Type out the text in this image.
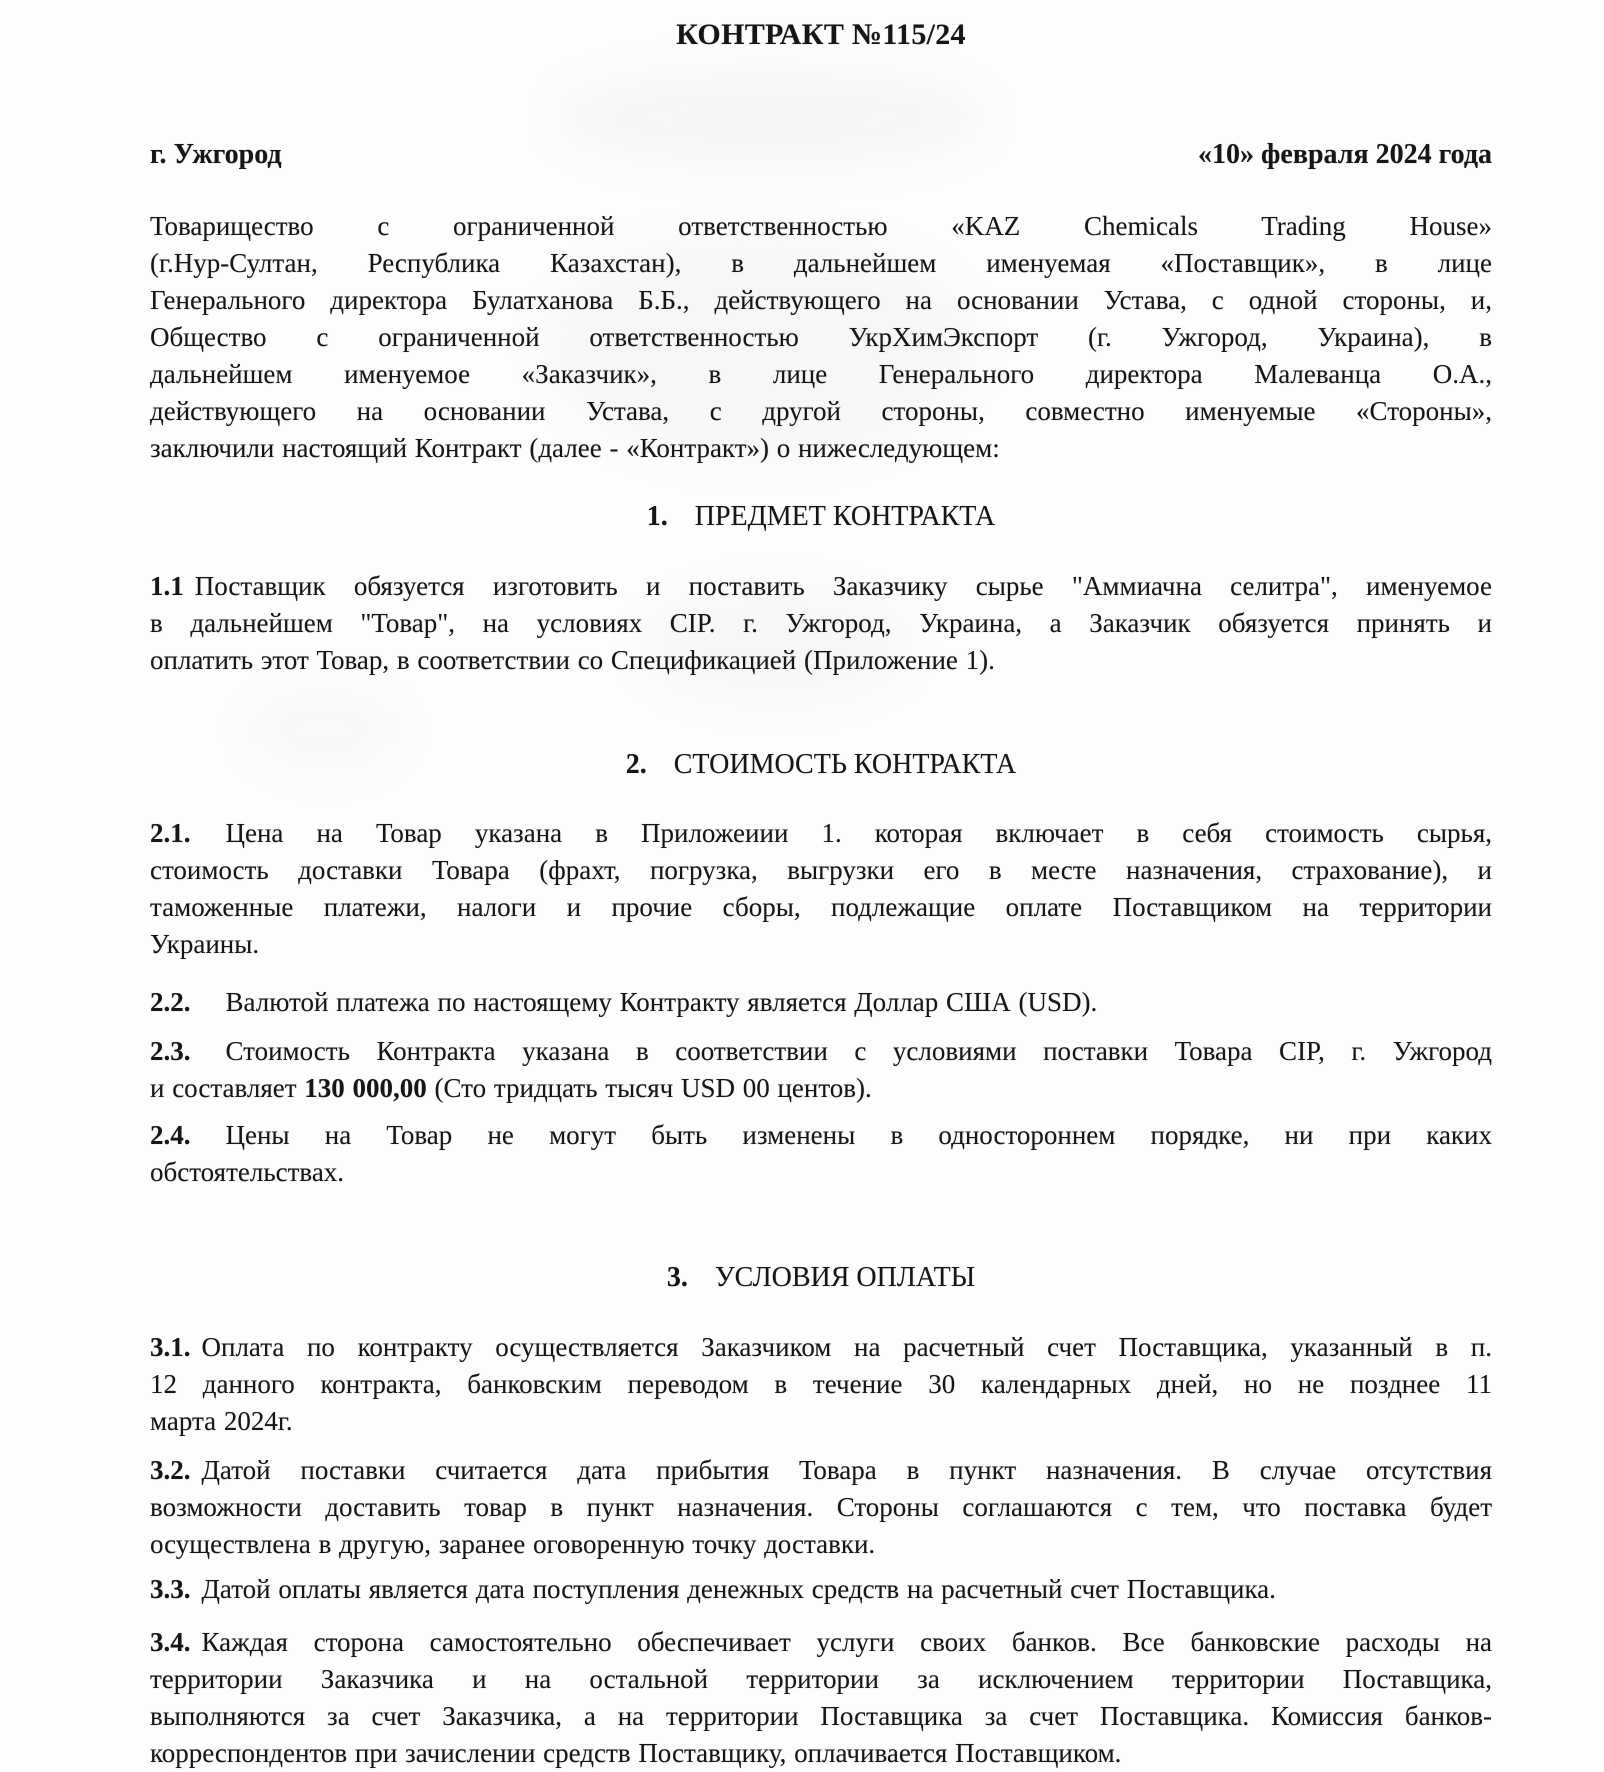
КОНТРАКТ №115/24
г. Ужгород	«10» февраля 2024 года
Товарищество с ограниченной ответственностью «KAZ Chemicals Trading House»
(г.Нур-Султан, Республика Казахстан), в дальнейшем именуемая «Поставщик», в лице
Генерального директора Булатханова Б.Б., действующего на основании Устава, с одной стороны, и,
Общество с ограниченной ответственностью УкрХимЭкспорт (г. Ужгород, Украина), в
дальнейшем именуемое «Заказчик», в лице Генерального директора Малеванца О.А.,
действующего на основании Устава, с другой стороны, совместно именуемые «Стороны»,
заключили настоящий Контракт (далее - «Контракт») о нижеследующем:
1. ПРЕДМЕТ КОНТРАКТА
1.1 Поставщик обязуется изготовить и поставить Заказчику сырье "Аммиачна селитра", именуемое
в дальнейшем "Товар", на условиях CIP. г. Ужгород, Украина, а Заказчик обязуется принять и
оплатить этот Товар, в соответствии со Спецификацией (Приложение 1).
2. СТОИМОСТЬ КОНТРАКТА
2.1. Цена на Товар указана в Приложеиии 1. которая включает в себя стоимость сырья,
стоимость доставки Товара (фрахт, погрузка, выгрузки его в месте назначения, страхование), и
таможенные платежи, налоги и прочие сборы, подлежащие оплате Поставщиком на территории
Украины.
2.2. Валютой платежа по настоящему Контракту является Доллар США (USD).
2.3. Стоимость Контракта указана в соответствии с условиями поставки Товара CIP, г. Ужгород
и составляет 130 000,00 (Сто тридцать тысяч USD 00 центов).
2.4. Цены на Товар не могут быть изменены в одностороннем порядке, ни при каких
обстоятельствах.
3. УСЛОВИЯ ОПЛАТЫ
3.1. Оплата по контракту осуществляется Заказчиком на расчетный счет Поставщика, указанный в п.
12 данного контракта, банковским переводом в течение 30 календарных дней, но не позднее 11
марта 2024г.
3.2. Датой поставки считается дата прибытия Товара в пункт назначения. В случае отсутствия
возможности доставить товар в пункт назначения. Стороны соглашаются с тем, что поставка будет
осуществлена в другую, заранее оговоренную точку доставки.
3.3. Датой оплаты является дата поступления денежных средств на расчетный счет Поставщика.
3.4. Каждая сторона самостоятельно обеспечивает услуги своих банков. Все банковские расходы на
территории Заказчика и на остальной территории за исключением территории Поставщика,
выполняются за счет Заказчика, а на территории Поставщика за счет Поставщика. Комиссия банков-
корреспондентов при зачислении средств Поставщику, оплачивается Поставщиком.
